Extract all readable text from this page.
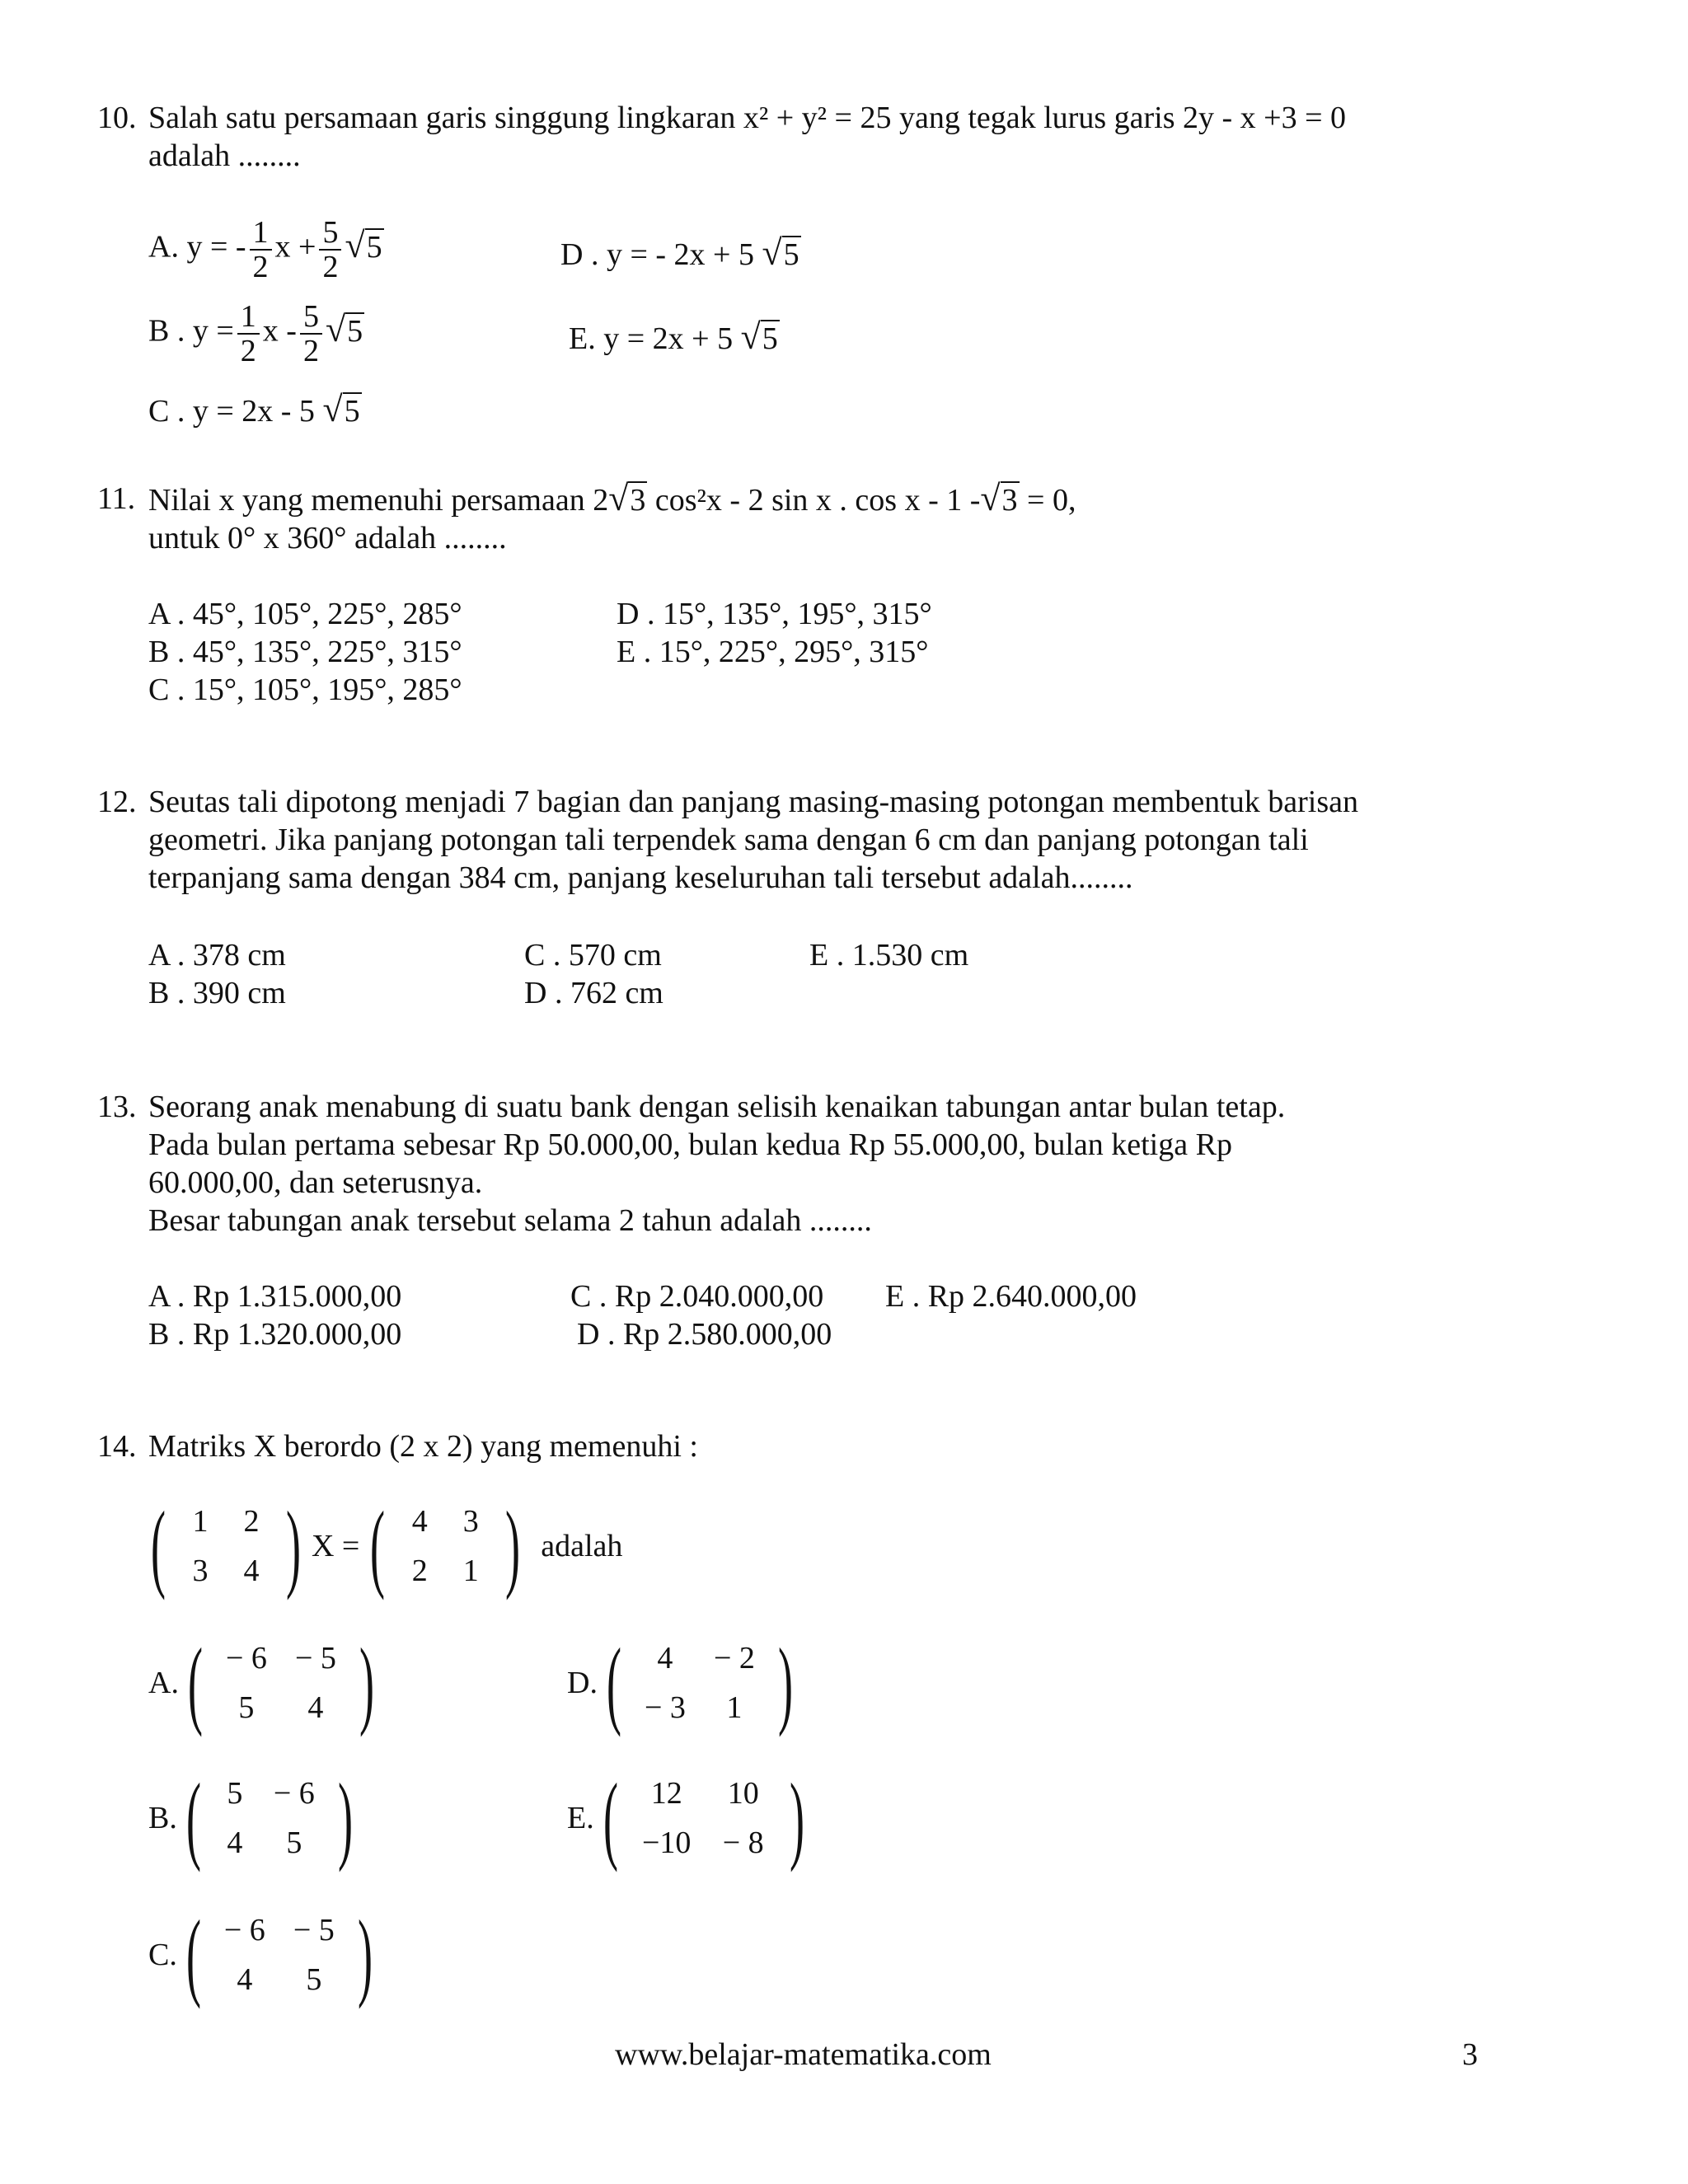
10. Salah satu persamaan garis singgung lingkaran x² + y² = 25 yang tegak lurus garis 2y - x +3 = 0
adalah ........
A. y = - $\frac{1}{2}$ $x + \frac{5}{2} √5$	D . y = - 2x + 5 √5
B . $y = \frac{1}{2}$ x - $\frac{5}{2} √5$	E. y = 2x + 5 √5
C . y = 2x - 5 √5
11. Nilai x yang memenuhi persamaan 2√3 cos²x - 2 sin x . cos x - 1 -√3 = 0,
untuk 0° x 360° adalah ........
A . 45°, 105°, 225°, 285°
B . 45°, 135°, 225°, 315°
C . 15°, 105°, 195°, 285°
D . 15°, 135°, 195°, 315°
E . 15°, 225°, 295°, 315°
12. Seutas tali dipotong menjadi 7 bagian dan panjang masing-masing potongan membentuk barisan
geometri. Jika panjang potongan tali terpendek sama dengan 6 cm dan panjang potongan tali
terpanjang sama dengan 384 cm, panjang keseluruhan tali tersebut adalah........
A . 378 cm
B . 390 cm
C . 570 cm
D . 762 cm
E . 1.530 cm
13. Seorang anak menabung di suatu bank dengan selisih kenaikan tabungan antar bulan tetap.
Pada bulan pertama sebesar Rp 50.000,00, bulan kedua Rp 55.000,00, bulan ketiga Rp
60.000,00, dan seterusnya.
Besar tabungan anak tersebut selama 2 tahun adalah ........
A . Rp 1.315.000,00
B . Rp 1.320.000,00
C . Rp 2.040.000,00
D . Rp 2.580.000,00
E . Rp 2.640.000,00
14. Matriks X berordo (2 x 2) yang memenuhi :
( 1	2
3	4 ) X = ( 4	3
2	1 ) adalah
A. ( − 6 − 5
5	4 )	D. (	4	− 2
− 3	1 )
B. ( 5 − 6
4	5 )	E. (	12	10
−10	− 8 )
C. ( − 6 − 5
4	5 )
www.belajar-matematika.com	3
